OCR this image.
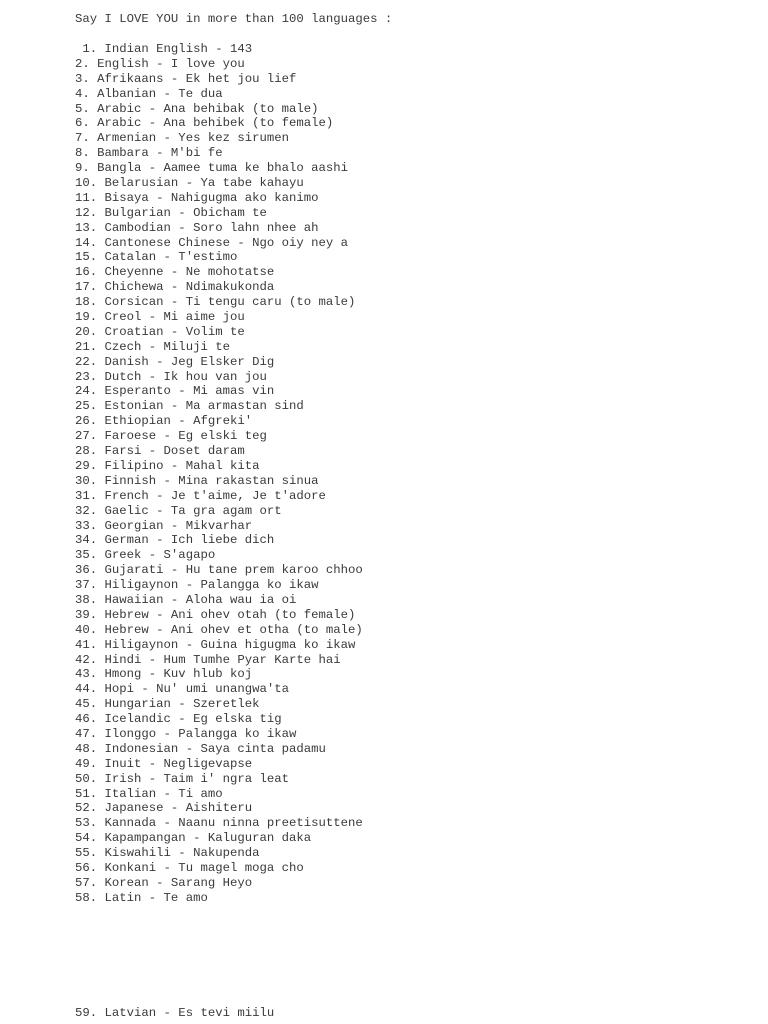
Say I LOVE YOU in more than 100 languages :
1. Indian English - 143
2. English - I love you
3. Afrikaans - Ek het jou lief
4. Albanian - Te dua
5. Arabic - Ana behibak (to male)
6. Arabic - Ana behibek (to female)
7. Armenian - Yes kez sirumen
8. Bambara - M'bi fe
9. Bangla - Aamee tuma ke bhalo aashi
10. Belarusian - Ya tabe kahayu
11. Bisaya - Nahigugma ako kanimo
12. Bulgarian - Obicham te
13. Cambodian - Soro lahn nhee ah
14. Cantonese Chinese - Ngo oiy ney a
15. Catalan - T'estimo
16. Cheyenne - Ne mohotatse
17. Chichewa - Ndimakukonda
18. Corsican - Ti tengu caru (to male)
19. Creol - Mi aime jou
20. Croatian - Volim te
21. Czech - Miluji te
22. Danish - Jeg Elsker Dig
23. Dutch - Ik hou van jou
24. Esperanto - Mi amas vin
25. Estonian - Ma armastan sind
26. Ethiopian - Afgreki'
27. Faroese - Eg elski teg
28. Farsi - Doset daram
29. Filipino - Mahal kita
30. Finnish - Mina rakastan sinua
31. French - Je t'aime, Je t'adore
32. Gaelic - Ta gra agam ort
33. Georgian - Mikvarhar
34. German - Ich liebe dich
35. Greek - S'agapo
36. Gujarati - Hu tane prem karoo chhoo
37. Hiligaynon - Palangga ko ikaw
38. Hawaiian - Aloha wau ia oi
39. Hebrew - Ani ohev otah (to female)
40. Hebrew - Ani ohev et otha (to male)
41. Hiligaynon - Guina higugma ko ikaw
42. Hindi - Hum Tumhe Pyar Karte hai
43. Hmong - Kuv hlub koj
44. Hopi - Nu' umi unangwa'ta
45. Hungarian - Szeretlek
46. Icelandic - Eg elska tig
47. Ilonggo - Palangga ko ikaw
48. Indonesian - Saya cinta padamu
49. Inuit - Negligevapse
50. Irish - Taim i' ngra leat
51. Italian - Ti amo
52. Japanese - Aishiteru
53. Kannada - Naanu ninna preetisuttene
54. Kapampangan - Kaluguran daka
55. Kiswahili - Nakupenda
56. Konkani - Tu magel moga cho
57. Korean - Sarang Heyo
58. Latin - Te amo
59. Latvian - Es tevi miilu
